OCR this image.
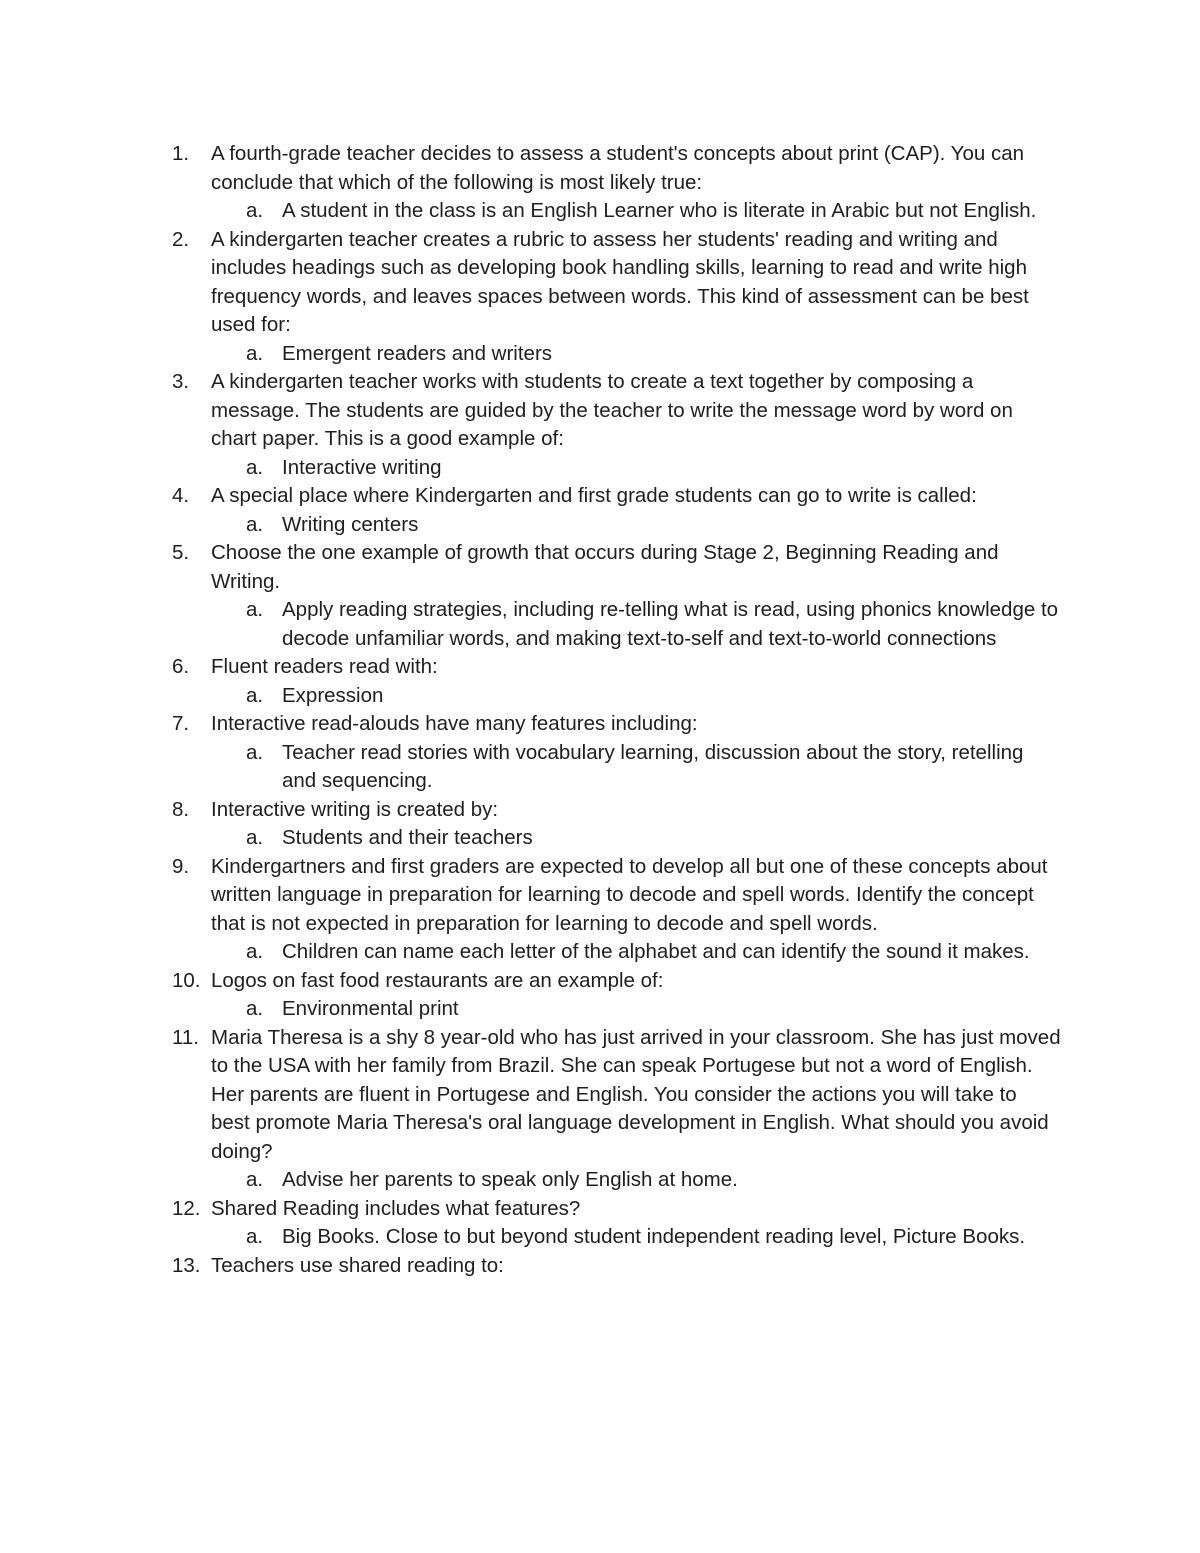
1.	A fourth-grade teacher decides to assess a student's concepts about print (CAP). You can conclude that which of the following is most likely true:
a. A student in the class is an English Learner who is literate in Arabic but not English.
2.	A kindergarten teacher creates a rubric to assess her students' reading and writing and includes headings such as developing book handling skills, learning to read and write high frequency words, and leaves spaces between words. This kind of assessment can be best used for:
a. Emergent readers and writers
3.	A kindergarten teacher works with students to create a text together by composing a message. The students are guided by the teacher to write the message word by word on chart paper. This is a good example of:
a. Interactive writing
4.	A special place where Kindergarten and first grade students can go to write is called:
a. Writing centers
5.	Choose the one example of growth that occurs during Stage 2, Beginning Reading and Writing.
a. Apply reading strategies, including re-telling what is read, using phonics knowledge to decode unfamiliar words, and making text-to-self and text-to-world connections
6.	Fluent readers read with:
a. Expression
7.	Interactive read-alouds have many features including:
a. Teacher read stories with vocabulary learning, discussion about the story, retelling and sequencing.
8.	Interactive writing is created by:
a. Students and their teachers
9.	Kindergartners and first graders are expected to develop all but one of these concepts about written language in preparation for learning to decode and spell words. Identify the concept that is not expected in preparation for learning to decode and spell words.
a. Children can name each letter of the alphabet and can identify the sound it makes.
10. Logos on fast food restaurants are an example of:
a. Environmental print
11. Maria Theresa is a shy 8 year-old who has just arrived in your classroom. She has just moved to the USA with her family from Brazil. She can speak Portugese but not a word of English. Her parents are fluent in Portugese and English. You consider the actions you will take to best promote Maria Theresa's oral language development in English. What should you avoid doing?
a. Advise her parents to speak only English at home.
12. Shared Reading includes what features?
a. Big Books. Close to but beyond student independent reading level, Picture Books.
13. Teachers use shared reading to:
